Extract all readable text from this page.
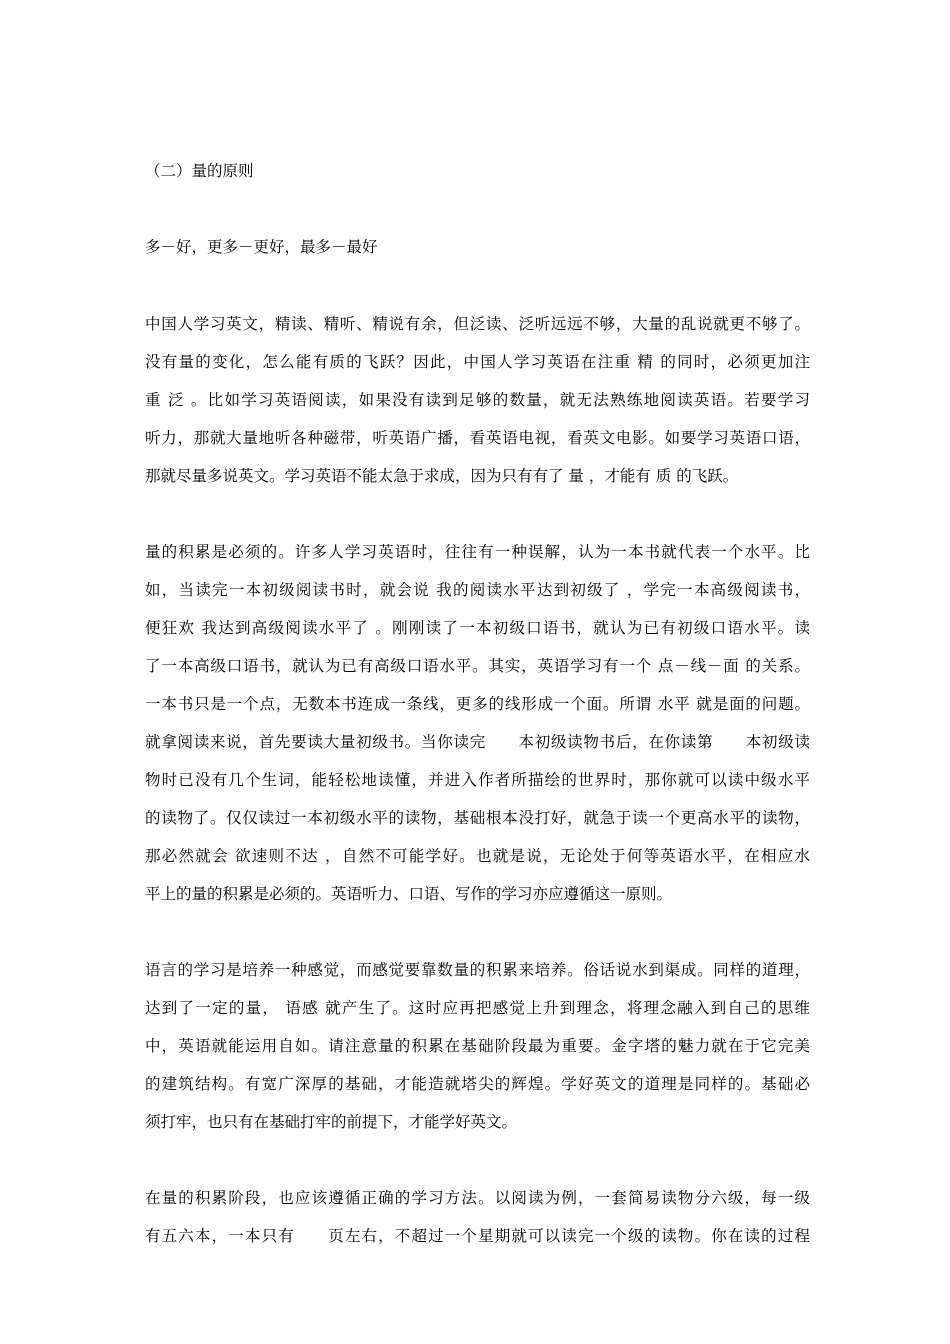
（二）量的原则
多－好，更多－更好，最多－最好
中国人学习英文，精读、精听、精说有余，但泛读、泛听远远不够，大量的乱说就更不够了。
没有量的变化，怎么能有质的飞跃？因此，中国人学习英语在注重 精 的同时，必须更加注
重 泛 。比如学习英语阅读，如果没有读到足够的数量，就无法熟练地阅读英语。若要学习
听力，那就大量地听各种磁带，听英语广播，看英语电视，看英文电影。如要学习英语口语，
那就尽量多说英文。学习英语不能太急于求成，因为只有有了 量 ，才能有 质 的飞跃。
量的积累是必须的。许多人学习英语时，往往有一种误解，认为一本书就代表一个水平。比
如，当读完一本初级阅读书时，就会说 我的阅读水平达到初级了 ，学完一本高级阅读书，
便狂欢 我达到高级阅读水平了 。刚刚读了一本初级口语书，就认为已有初级口语水平。读
了一本高级口语书，就认为已有高级口语水平。其实，英语学习有一个 点－线－面 的关系。
一本书只是一个点，无数本书连成一条线，更多的线形成一个面。所谓 水平 就是面的问题。
就拿阅读来说，首先要读大量初级书。当你读完　　本初级读物书后，在你读第　　本初级读
物时已没有几个生词，能轻松地读懂，并进入作者所描绘的世界时，那你就可以读中级水平
的读物了。仅仅读过一本初级水平的读物，基础根本没打好，就急于读一个更高水平的读物，
那必然就会 欲速则不达 ，自然不可能学好。也就是说，无论处于何等英语水平，在相应水
平上的量的积累是必须的。英语听力、口语、写作的学习亦应遵循这一原则。
语言的学习是培养一种感觉，而感觉要靠数量的积累来培养。俗话说水到渠成。同样的道理，
达到了一定的量， 语感 就产生了。这时应再把感觉上升到理念，将理念融入到自己的思维
中，英语就能运用自如。请注意量的积累在基础阶段最为重要。金字塔的魅力就在于它完美
的建筑结构。有宽广深厚的基础，才能造就塔尖的辉煌。学好英文的道理是同样的。基础必
须打牢，也只有在基础打牢的前提下，才能学好英文。
在量的积累阶段，也应该遵循正确的学习方法。以阅读为例，一套简易读物分六级，每一级
有五六本，一本只有　　页左右，不超过一个星期就可以读完一个级的读物。你在读的过程
